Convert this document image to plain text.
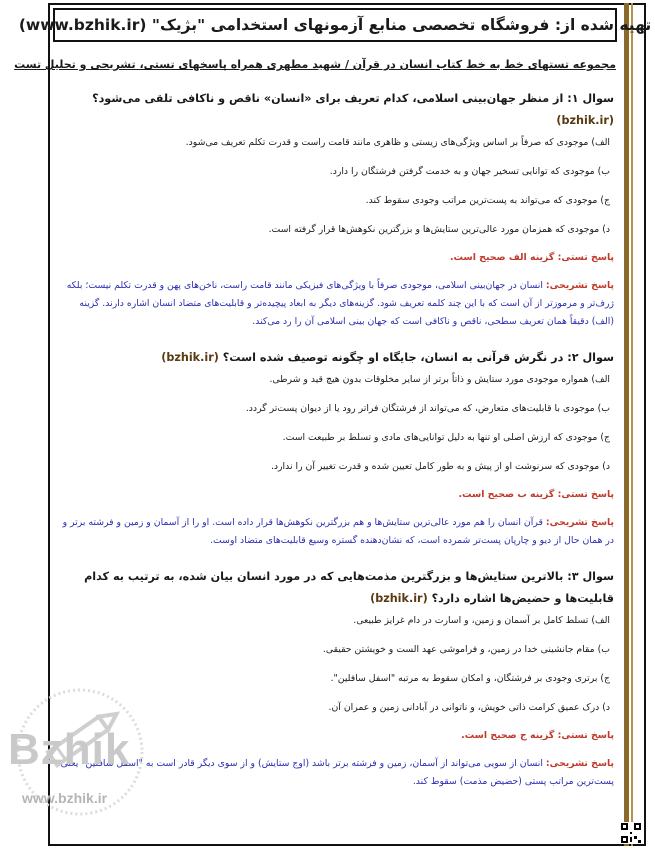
تهیه شده از: فروشگاه تخصصی منابع آزمونهای استخدامی "بژیک" (www.bzhik.ir)
مجموعه تستهای خط به خط کتاب انسان در قرآن / شهید مطهری همراه پاسخهای تستی، تشریحی و تحلیل تست
سوال ۱: از منظر جهان‌بینی اسلامی، کدام تعریف برای «انسان» ناقص و ناکافی تلقی می‌شود؟ (bzhik.ir)
الف) موجودی که صرفاً بر اساس ویژگی‌های زیستی و ظاهری مانند قامت راست و قدرت تکلم تعریف می‌شود.
ب) موجودی که توانایی تسخیر جهان و به خدمت گرفتن فرشتگان را دارد.
ج) موجودی که می‌تواند به پست‌ترین مراتب وجودی سقوط کند.
د) موجودی که همزمان مورد عالی‌ترین ستایش‌ها و بزرگترین نکوهش‌ها قرار گرفته است.
پاسخ تستی: گزینه الف صحیح است.
پاسخ تشریحی: انسان در جهان‌بینی اسلامی، موجودی صرفاً با ویژگی‌های فیزیکی مانند قامت راست، ناخن‌های پهن و قدرت تکلم نیست؛ بلکه ژرف‌تر و مرموزتر از آن است که با این چند کلمه تعریف شود. گزینه‌های دیگر به ابعاد پیچیده‌تر و قابلیت‌های متضاد انسان اشاره دارند. گزینه (الف) دقیقاً همان تعریف سطحی، ناقص و ناکافی است که جهان بینی اسلامی آن را رد می‌کند.
سوال ۲: در نگرش قرآنی به انسان، جایگاه او چگونه توصیف شده است؟ (bzhik.ir)
الف) همواره موجودی مورد ستایش و ذاتاً برتر از سایر مخلوقات بدون هیچ قید و شرطی.
ب) موجودی با قابلیت‌های متعارض، که می‌تواند از فرشتگان فراتر رود یا از دیوان پست‌تر گردد.
ج) موجودی که ارزش اصلی او تنها به دلیل توانایی‌های مادی و تسلط بر طبیعت است.
د) موجودی که سرنوشت او از پیش و به طور کامل تعیین شده و قدرت تغییر آن را ندارد.
پاسخ تستی: گزینه ب صحیح است.
پاسخ تشریحی: قرآن انسان را هم مورد عالی‌ترین ستایش‌ها و هم بزرگترین نکوهش‌ها قرار داده است. او را از آسمان و زمین و فرشته برتر و در همان حال از دیو و چارپان پست‌تر شمرده است، که نشان‌دهنده گستره وسیع قابلیت‌های متضاد اوست.
سوال ۳: بالاترین ستایش‌ها و بزرگترین مذمت‌هایی که در مورد انسان بیان شده، به ترتیب به کدام قابلیت‌ها و حضیض‌ها اشاره دارد؟ (bzhik.ir)
الف) تسلط کامل بر آسمان و زمین، و اسارت در دام غرایز طبیعی.
ب) مقام جانشینی خدا در زمین، و فراموشی عهد الست و خویشتن حقیقی.
ج) برتری وجودی بر فرشتگان، و امکان سقوط به مرتبه "اسفل سافلین".
د) درک عمیق کرامت ذاتی خویش، و ناتوانی در آبادانی زمین و عمران آن.
پاسخ تستی: گزینه ج صحیح است.
پاسخ تشریحی: انسان از سویی می‌تواند از آسمان، زمین و فرشته برتر باشد (اوج ستایش) و از سوی دیگر قادر است به "اسفل سافلین" یعنی پست‌ترین مراتب پستی (حضیض مذمت) سقوط کند.
Bzhik
www.bzhik.ir
